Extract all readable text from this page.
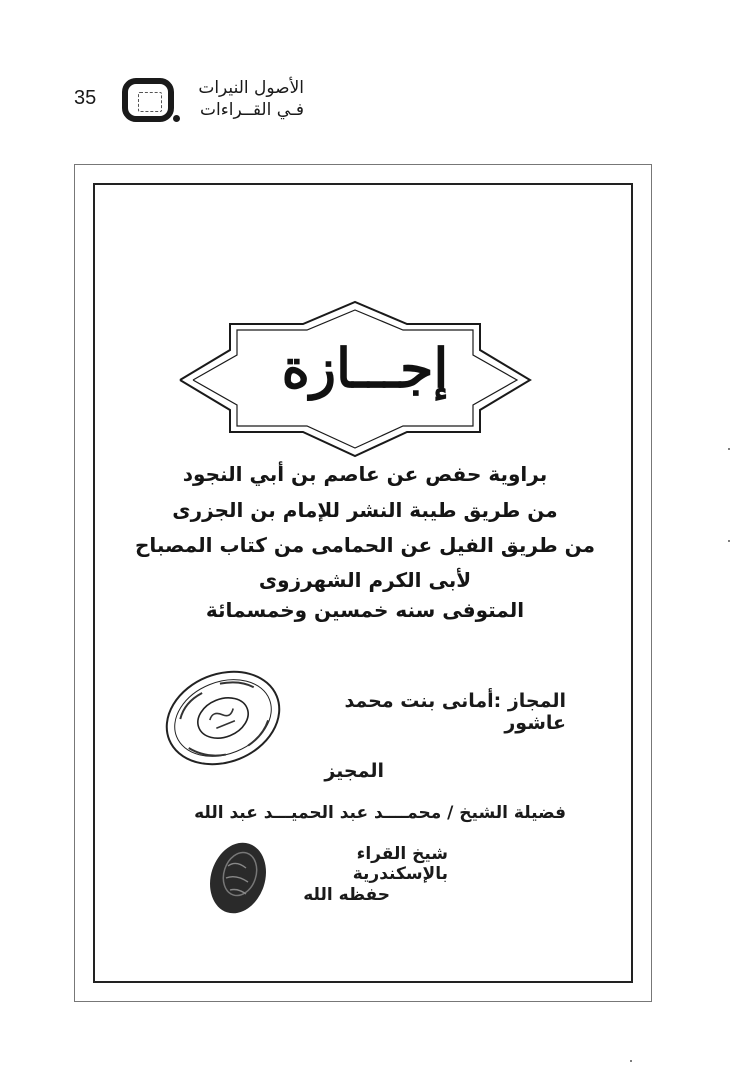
35	الأصول النيرات
فـي القــراءات
إجـــازة
براوية حفص عن عاصم بن أبي النجود
من طريق طيبة النشر للإمام بن الجزرى
من طريق الفيل عن الحمامى من كتاب المصباح
لأبى الكرم الشهرزوى
المتوفى سنه خمسين وخمسمائة
المجاز :أمانى بنت محمد عاشور
المجيز
فضيلة الشيخ / محمــــد عبد الحميـــد عبد الله
شيخ القراء بالإسكندرية
حفظه الله
